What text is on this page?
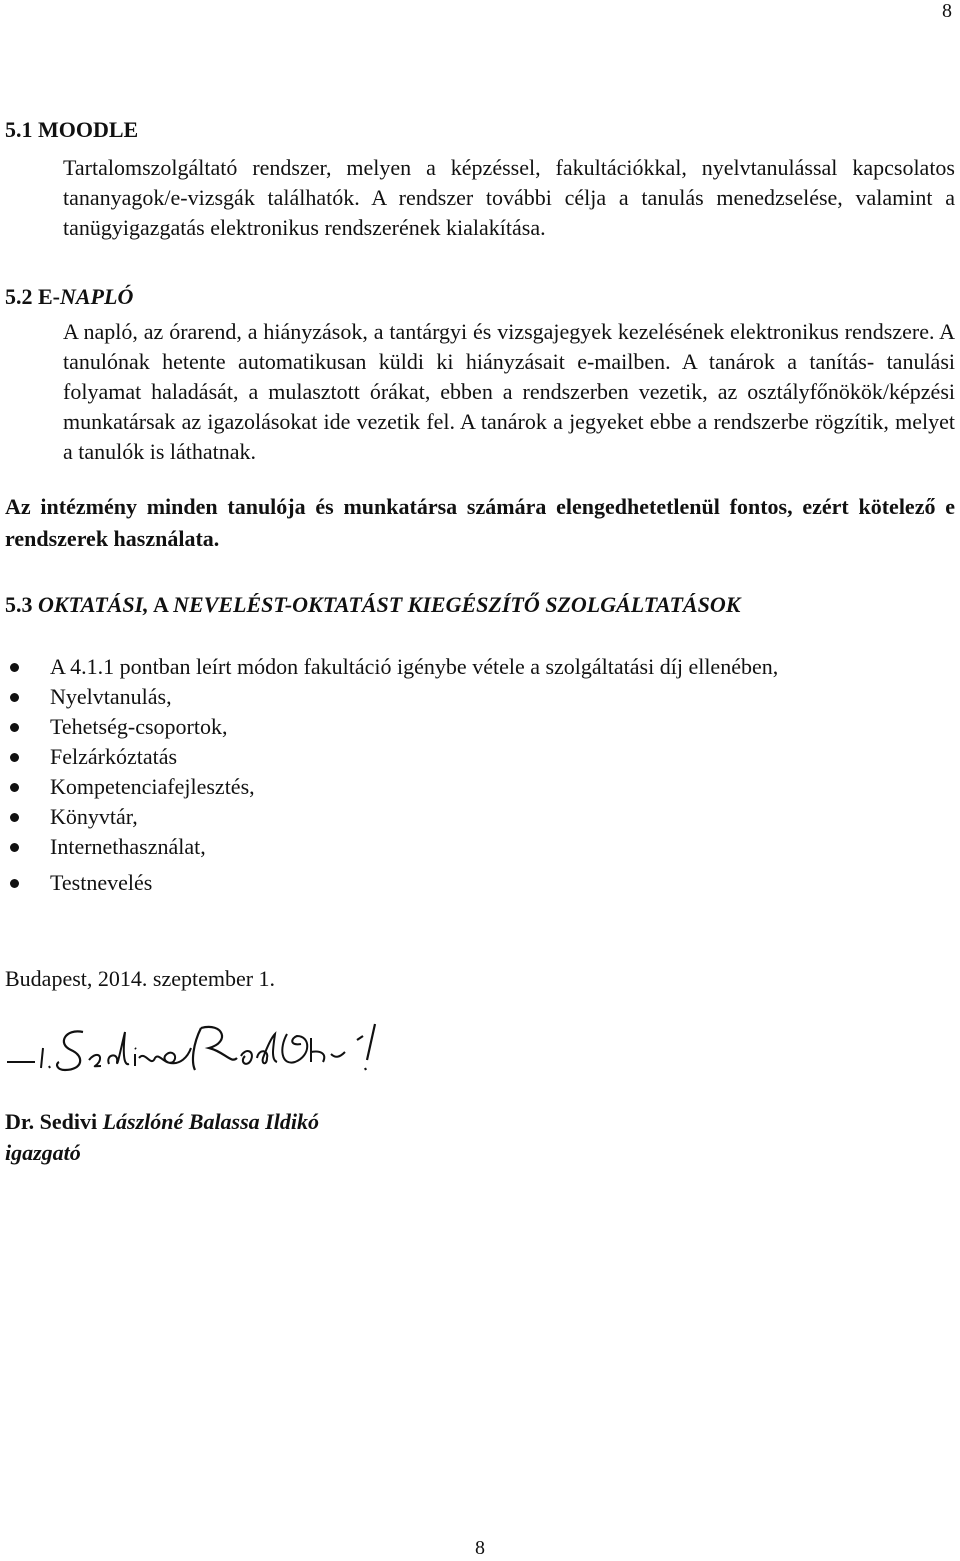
8
5.1 MOODLE

Tartalomszolgáltató rendszer, melyen a képzéssel, fakultációkkal, nyelvtanulással kapcsolatos tananyagok/e-vizsgák találhatók. A rendszer további célja a tanulás menedzselése, valamint a tanügyigazgatás elektronikus rendszerének kialakítása.

5.2 E-NAPLÓ

A napló, az órarend, a hiányzások, a tantárgyi és vizsgajegyek kezelésének elektronikus rendszere. A tanulónak hetente automatikusan küldi ki hiányzásait e-mailben. A tanárok a tanítás- tanulási folyamat haladását, a mulasztott órákat, ebben a rendszerben vezetik, az osztályfőnökök/képzési munkatársak az igazolásokat ide vezetik fel. A tanárok a jegyeket ebbe a rendszerbe rögzítik, melyet a tanulók is láthatnak.

Az intézmény minden tanulója és munkatársa számára elengedhetetlenül fontos, ezért kötelező e rendszerek használata.

5.3 OKTATÁSI, A NEVELÉST-OKTATÁST KIEGÉSZÍTŐ SZOLGÁLTATÁSOK
A 4.1.1 pontban leírt módon fakultáció igénybe vétele a szolgáltatási díj ellenében,
Nyelvtanulás,
Tehetség-csoportok,
Felzárkóztatás
Kompetenciafejlesztés,
Könyvtár,
Internethasználat,
Testnevelés
Budapest, 2014. szeptember 1.
Dr. Sedivi Lászlóné Balassa Ildikó
igazgató
8
